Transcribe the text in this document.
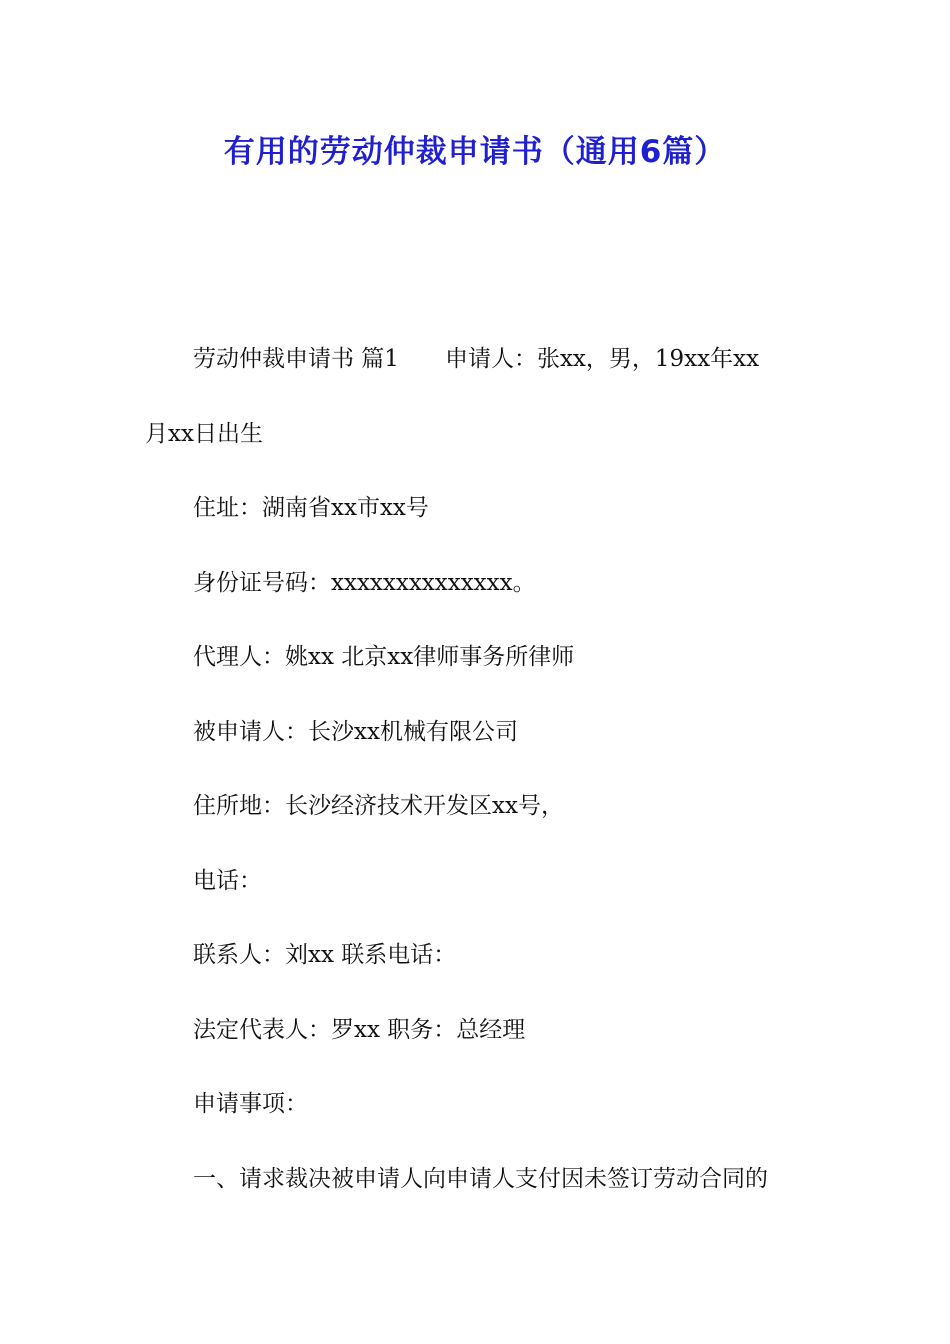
有用的劳动仲裁申请书（通用6篇）
劳动仲裁申请书 篇1 申请人：张xx，男，19xx年xx
月xx日出生
住址：湖南省xx市xx号
身份证号码：xxxxxxxxxxxxxx。
代理人：姚xx 北京xx律师事务所律师
被申请人：长沙xx机械有限公司
住所地：长沙经济技术开发区xx号，
电话：
联系人：刘xx 联系电话：
法定代表人：罗xx 职务：总经理
申请事项：
一、请求裁决被申请人向申请人支付因未签订劳动合同的
